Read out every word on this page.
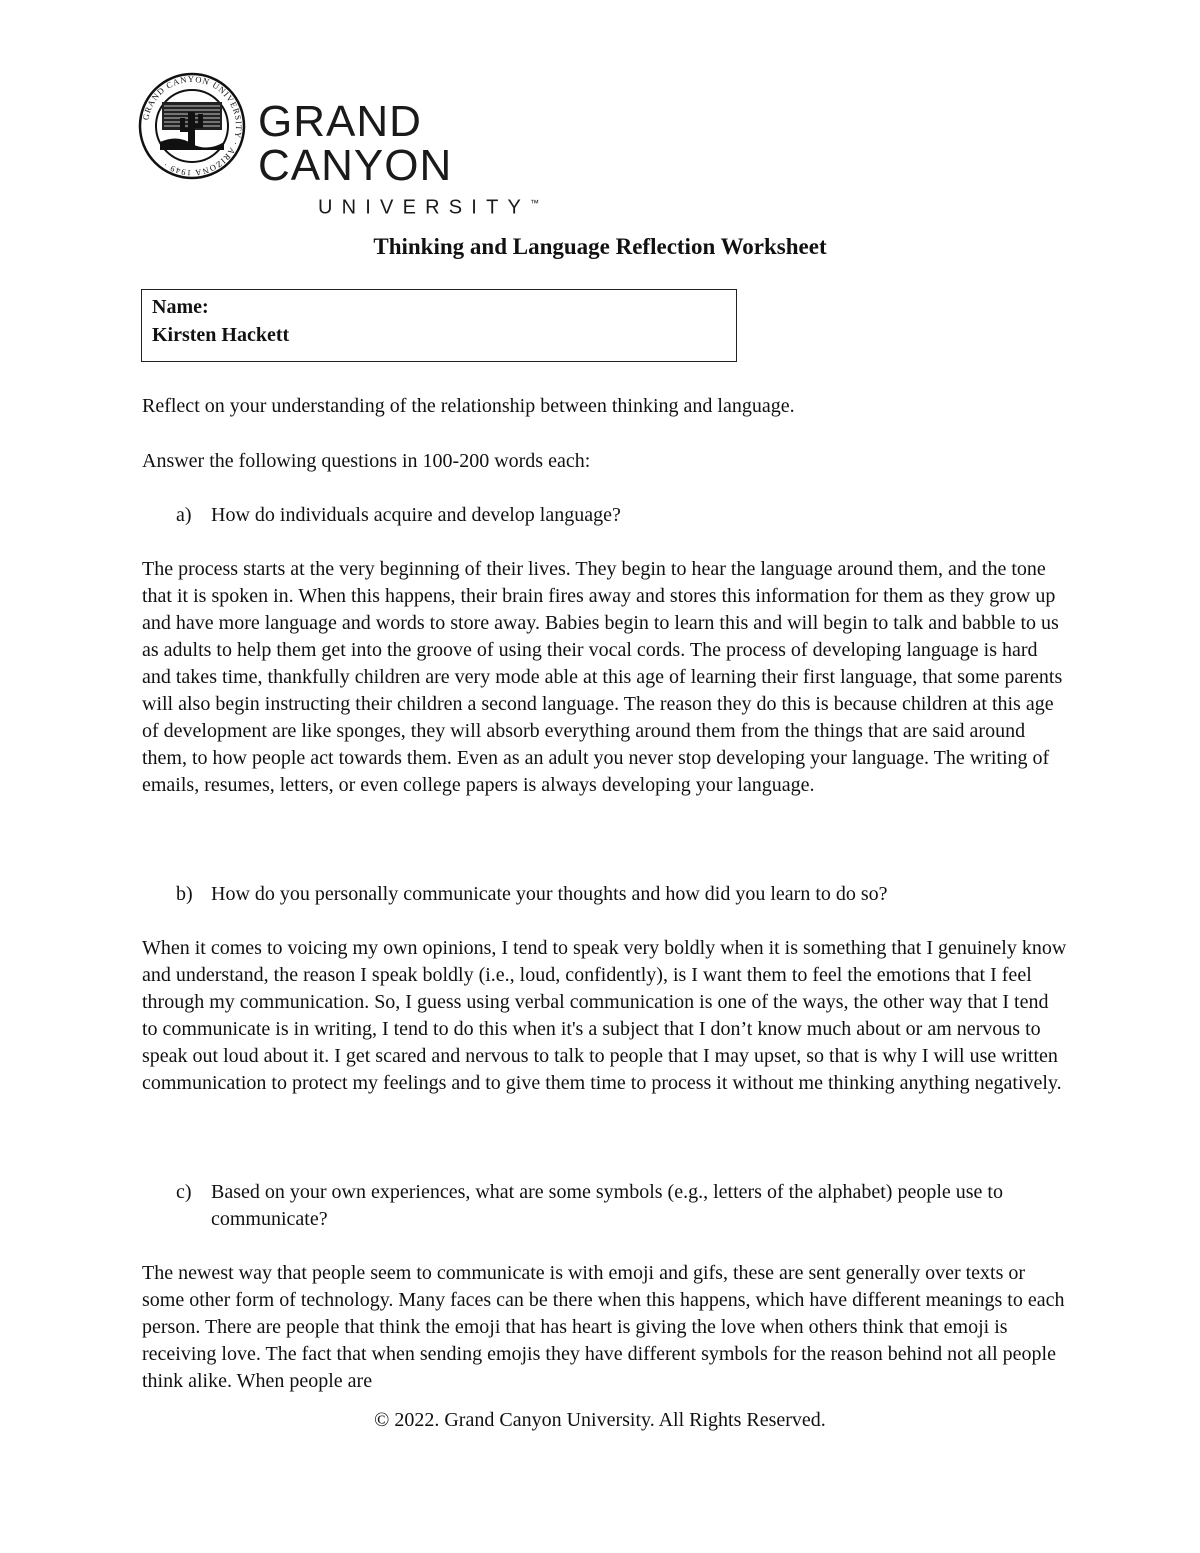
GRAND CANYON UNIVERSITY · ARIZONA 1949 ·
GRAND CANYON
UNIVERSITY™
Thinking and Language Reflection Worksheet
Name:
Kirsten Hackett
Reflect on your understanding of the relationship between thinking and language.
Answer the following questions in 100-200 words each:
a) How do individuals acquire and develop language?
The process starts at the very beginning of their lives. They begin to hear the language around them, and the tone that it is spoken in. When this happens, their brain fires away and stores this information for them as they grow up and have more language and words to store away. Babies begin to learn this and will begin to talk and babble to us as adults to help them get into the groove of using their vocal cords. The process of developing language is hard and takes time, thankfully children are very mode able at this age of learning their first language, that some parents will also begin instructing their children a second language. The reason they do this is because children at this age of development are like sponges, they will absorb everything around them from the things that are said around them, to how people act towards them. Even as an adult you never stop developing your language. The writing of emails, resumes, letters, or even college papers is always developing your language.
b) How do you personally communicate your thoughts and how did you learn to do so?
When it comes to voicing my own opinions, I tend to speak very boldly when it is something that I genuinely know and understand, the reason I speak boldly (i.e., loud, confidently), is I want them to feel the emotions that I feel through my communication. So, I guess using verbal communication is one of the ways, the other way that I tend to communicate is in writing, I tend to do this when it's a subject that I don’t know much about or am nervous to speak out loud about it. I get scared and nervous to talk to people that I may upset, so that is why I will use written communication to protect my feelings and to give them time to process it without me thinking anything negatively.
c) Based on your own experiences, what are some symbols (e.g., letters of the alphabet) people use to communicate?
The newest way that people seem to communicate is with emoji and gifs, these are sent generally over texts or some other form of technology. Many faces can be there when this happens, which have different meanings to each person. There are people that think the emoji that has heart is giving the love when others think that emoji is receiving love. The fact that when sending emojis they have different symbols for the reason behind not all people think alike. When people are
© 2022. Grand Canyon University. All Rights Reserved.
